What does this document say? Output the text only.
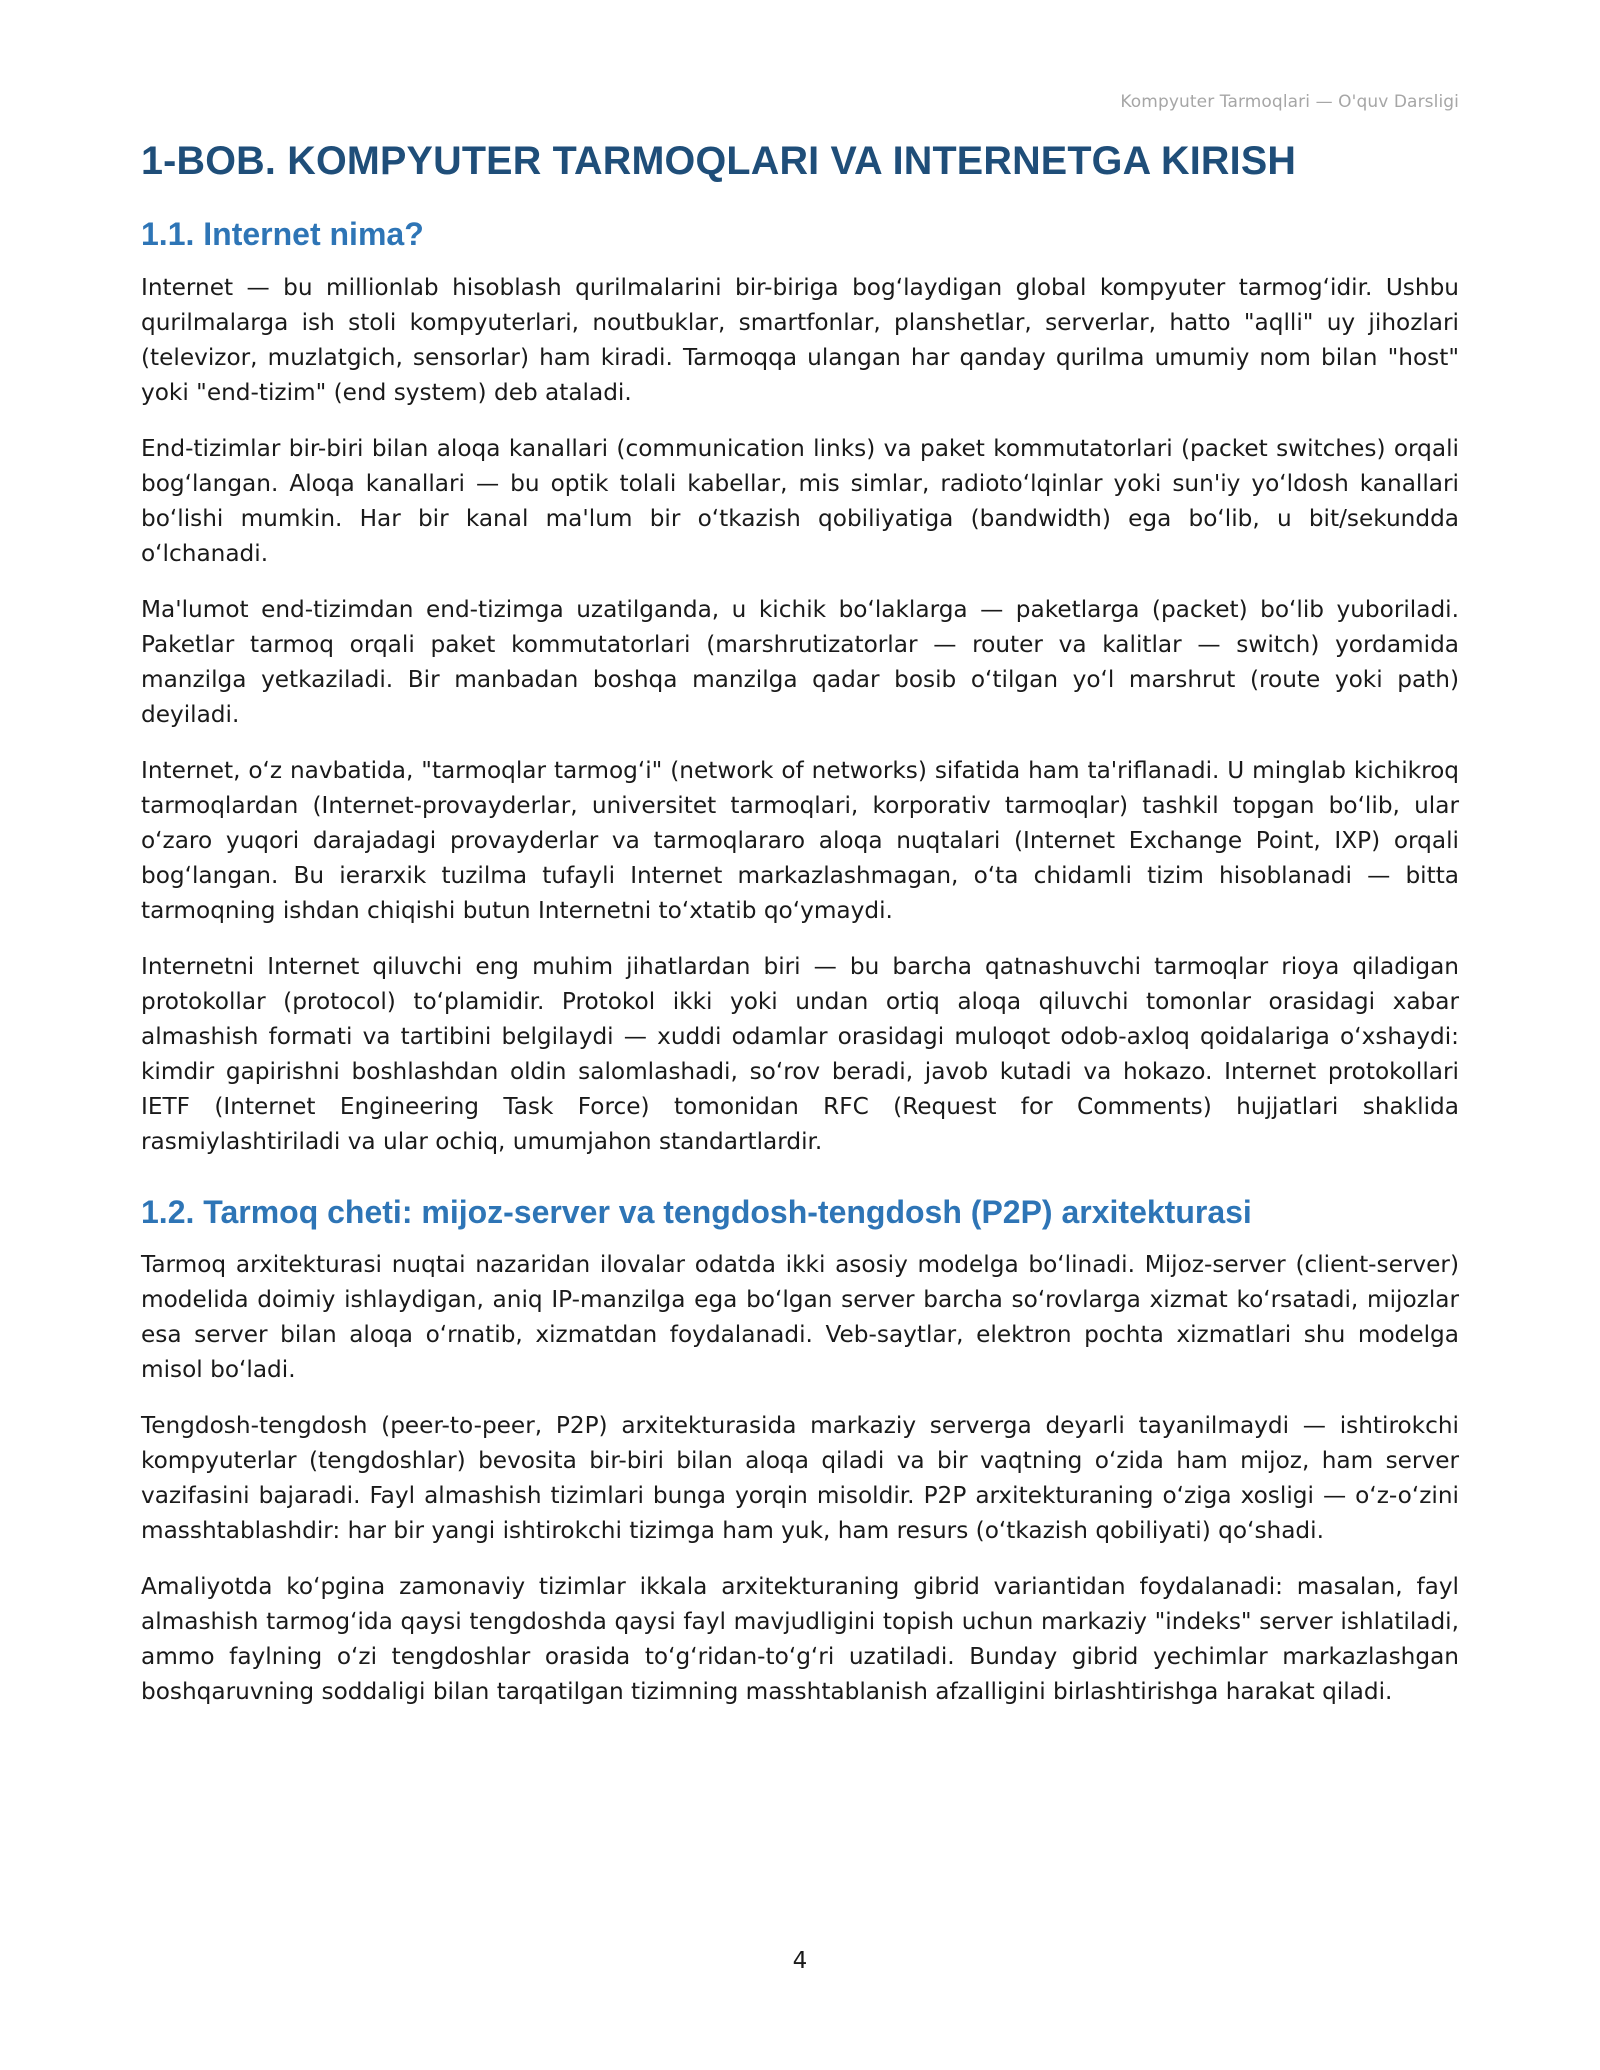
Kompyuter Tarmoqlari — O'quv Darsligi
1-BOB. KOMPYUTER TARMOQLARI VA INTERNETGA KIRISH
1.1. Internet nima?

Internet — bu millionlab hisoblash qurilmalarini bir-biriga bogʻlaydigan global kompyuter tarmogʻidir. Ushbu qurilmalarga ish stoli kompyuterlari, noutbuklar, smartfonlar, planshetlar, serverlar, hatto "aqlli" uy jihozlari (televizor, muzlatgich, sensorlar) ham kiradi. Tarmoqqa ulangan har qanday qurilma umumiy nom bilan "host" yoki "end-tizim" (end system) deb ataladi.

End-tizimlar bir-biri bilan aloqa kanallari (communication links) va paket kommutatorlari (packet switches) orqali bogʻlangan. Aloqa kanallari — bu optik tolali kabellar, mis simlar, radiotoʻlqinlar yoki sun'iy yoʻldosh kanallari boʻlishi mumkin. Har bir kanal ma'lum bir oʻtkazish qobiliyatiga (bandwidth) ega boʻlib, u bit/sekundda oʻlchanadi.

Ma'lumot end-tizimdan end-tizimga uzatilganda, u kichik boʻlaklarga — paketlarga (packet) boʻlib yuboriladi. Paketlar tarmoq orqali paket kommutatorlari (marshrutizatorlar — router va kalitlar — switch) yordamida manzilga yetkaziladi. Bir manbadan boshqa manzilga qadar bosib oʻtilgan yoʻl marshrut (route yoki path) deyiladi.

Internet, oʻz navbatida, "tarmoqlar tarmogʻi" (network of networks) sifatida ham ta'riflanadi. U minglab kichikroq tarmoqlardan (Internet-provayderlar, universitet tarmoqlari, korporativ tarmoqlar) tashkil topgan boʻlib, ular oʻzaro yuqori darajadagi provayderlar va tarmoqlararo aloqa nuqtalari (Internet Exchange Point, IXP) orqali bogʻlangan. Bu ierarxik tuzilma tufayli Internet markazlashmagan, oʻta chidamli tizim hisoblanadi — bitta tarmoqning ishdan chiqishi butun Internetni toʻxtatib qoʻymaydi.

Internetni Internet qiluvchi eng muhim jihatlardan biri — bu barcha qatnashuvchi tarmoqlar rioya qiladigan protokollar (protocol) toʻplamidir. Protokol ikki yoki undan ortiq aloqa qiluvchi tomonlar orasidagi xabar almashish formati va tartibini belgilaydi — xuddi odamlar orasidagi muloqot odob-axloq qoidalariga oʻxshaydi: kimdir gapirishni boshlashdan oldin salomlashadi, soʻrov beradi, javob kutadi va hokazo. Internet protokollari IETF (Internet Engineering Task Force) tomonidan RFC (Request for Comments) hujjatlari shaklida rasmiylashtiriladi va ular ochiq, umumjahon standartlardir.

1.2. Tarmoq cheti: mijoz-server va tengdosh-tengdosh (P2P) arxitekturasi

Tarmoq arxitekturasi nuqtai nazaridan ilovalar odatda ikki asosiy modelga boʻlinadi. Mijoz-server (client-server) modelida doimiy ishlaydigan, aniq IP-manzilga ega boʻlgan server barcha soʻrovlarga xizmat koʻrsatadi, mijozlar esa server bilan aloqa oʻrnatib, xizmatdan foydalanadi. Veb-saytlar, elektron pochta xizmatlari shu modelga misol boʻladi.

Tengdosh-tengdosh (peer-to-peer, P2P) arxitekturasida markaziy serverga deyarli tayanilmaydi — ishtirokchi kompyuterlar (tengdoshlar) bevosita bir-biri bilan aloqa qiladi va bir vaqtning oʻzida ham mijoz, ham server vazifasini bajaradi. Fayl almashish tizimlari bunga yorqin misoldir. P2P arxitekturaning oʻziga xosligi — oʻz-oʻzini masshtablashdir: har bir yangi ishtirokchi tizimga ham yuk, ham resurs (oʻtkazish qobiliyati) qoʻshadi.

Amaliyotda koʻpgina zamonaviy tizimlar ikkala arxitekturaning gibrid variantidan foydalanadi: masalan, fayl almashish tarmogʻida qaysi tengdoshda qaysi fayl mavjudligini topish uchun markaziy "indeks" server ishlatiladi, ammo faylning oʻzi tengdoshlar orasida toʻgʻridan-toʻgʻri uzatiladi. Bunday gibrid yechimlar markazlashgan boshqaruvning soddaligi bilan tarqatilgan tizimning masshtablanish afzalligini birlashtirishga harakat qiladi.

4
